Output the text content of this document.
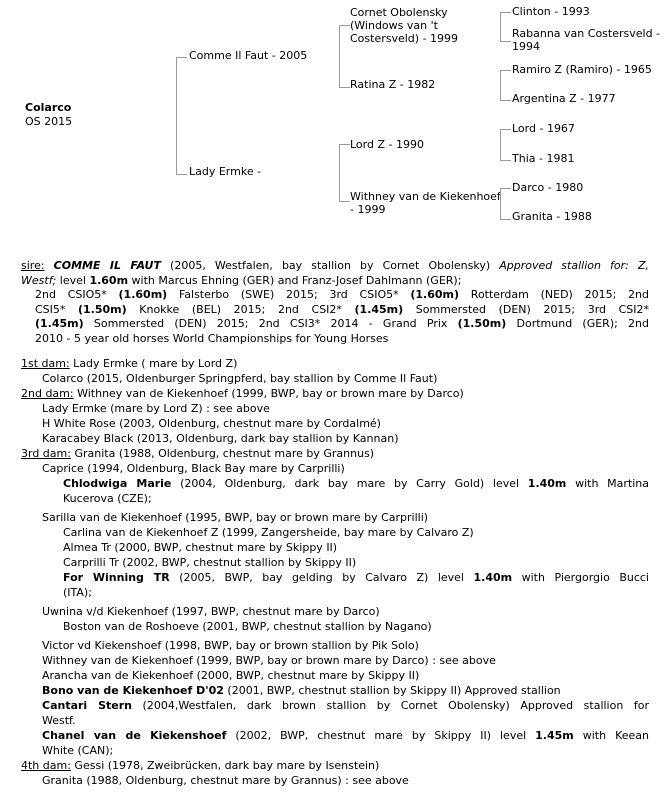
Colarco
OS 2015
Comme Il Faut - 2005
Lady Ermke -
Cornet Obolensky
(Windows van 't
Costersveld) - 1999
Ratina Z - 1982
Lord Z - 1990
Withney van de Kiekenhoef
- 1999
Clinton - 1993
Rabanna van Costersveld -
1994
Ramiro Z (Ramiro) - 1965
Argentina Z - 1977
Lord - 1967
Thia - 1981
Darco - 1980
Granita - 1988
sire: COMME IL FAUT (2005, Westfalen, bay stallion by Cornet Obolensky) Approved stallion for: Z,
Westf; level 1.60m with Marcus Ehning (GER) and Franz-Josef Dahlmann (GER);
2nd CSIO5* (1.60m) Falsterbo (SWE) 2015; 3rd CSIO5* (1.60m) Rotterdam (NED) 2015; 2nd
CSI5* (1.50m) Knokke (BEL) 2015; 2nd CSI2* (1.45m) Sommersted (DEN) 2015; 3rd CSI2*
(1.45m) Sommersted (DEN) 2015; 2nd CSI3* 2014 - Grand Prix (1.50m) Dortmund (GER); 2nd
2010 - 5 year old horses World Championships for Young Horses
1st dam: Lady Ermke ( mare by Lord Z)
Colarco (2015, Oldenburger Springpferd, bay stallion by Comme Il Faut)
2nd dam: Withney van de Kiekenhoef (1999, BWP, bay or brown mare by Darco)
Lady Ermke (mare by Lord Z) : see above
H White Rose (2003, Oldenburg, chestnut mare by Cordalmé)
Karacabey Black (2013, Oldenburg, dark bay stallion by Kannan)
3rd dam: Granita (1988, Oldenburg, chestnut mare by Grannus)
Caprice (1994, Oldenburg, Black Bay mare by Carprilli)
Chlodwiga Marie (2004, Oldenburg, dark bay mare by Carry Gold) level 1.40m with Martina
Kucerova (CZE);
Sarilla van de Kiekenhoef (1995, BWP, bay or brown mare by Carprilli)
Carlina van de Kiekenhoef Z (1999, Zangersheide, bay mare by Calvaro Z)
Almea Tr (2000, BWP, chestnut mare by Skippy II)
Carprilli Tr (2002, BWP, chestnut stallion by Skippy II)
For Winning TR (2005, BWP, bay gelding by Calvaro Z) level 1.40m with Piergorgio Bucci
(ITA);
Uwnina v/d Kiekenhoef (1997, BWP, chestnut mare by Darco)
Boston van de Roshoeve (2001, BWP, chestnut stallion by Nagano)
Victor vd Kiekenshoef (1998, BWP, bay or brown stallion by Pik Solo)
Withney van de Kiekenhoef (1999, BWP, bay or brown mare by Darco) : see above
Arancha van de Kiekenhoef (2000, BWP, chestnut mare by Skippy II)
Bono van de Kiekenhoef D'02 (2001, BWP, chestnut stallion by Skippy II) Approved stallion
Cantari Stern (2004,Westfalen, dark brown stallion by Cornet Obolensky) Approved stallion for
Westf.
Chanel van de Kiekenshoef (2002, BWP, chestnut mare by Skippy II) level 1.45m with Keean
White (CAN);
4th dam: Gessi (1978, Zweibrücken, dark bay mare by Isenstein)
Granita (1988, Oldenburg, chestnut mare by Grannus) : see above
